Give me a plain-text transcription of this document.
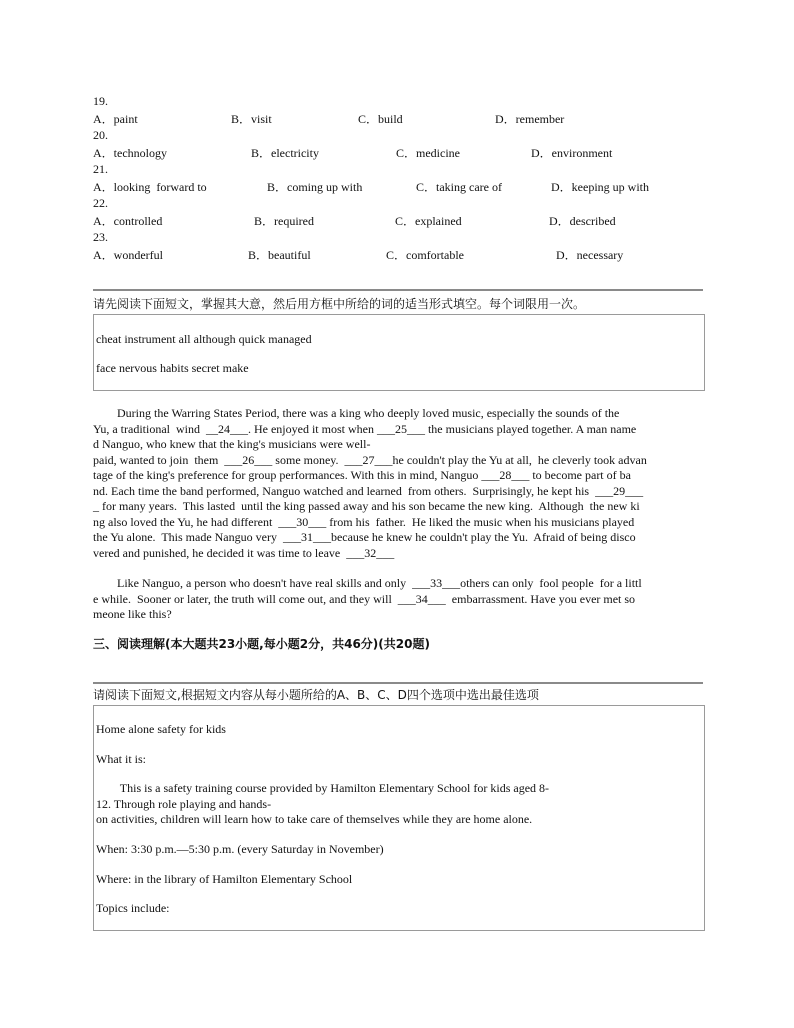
19.
A．paint	B．visit	C．build	D．remember
20.
A．technology	B．electricity	C．medicine	D．environment
21.
A．looking  forward to	B．coming up with	C．taking care of	D．keeping up with
22.
A．controlled	B．required	C．explained	D．described
23.
A．wonderful	B．beautiful	C．comfortable	D．necessary
请先阅读下面短文，掌握其大意，然后用方框中所给的词的适当形式填空。每个词限用一次。
cheat instrument all although quick managed
face nervous habits secret make
During the Warring States Period, there was a king who deeply loved music, especially the sounds of the
Yu, a traditional  wind  __24___. He enjoyed it most when ___25___ the musicians played together. A man name
d Nanguo, who knew that the king's musicians were well-
paid, wanted to join  them  ___26___ some money.  ___27___he couldn't play the Yu at all,  he cleverly took advan
tage of the king's preference for group performances. With this in mind, Nanguo ___28___ to become part of ba
nd. Each time the band performed, Nanguo watched and learned  from others.  Surprisingly, he kept his  ___29___
_ for many years.  This lasted  until the king passed away and his son became the new king.  Although  the new ki
ng also loved the Yu, he had different  ___30___ from his  father.  He liked the music when his musicians played
the Yu alone.  This made Nanguo very  ___31___because he knew he couldn't play the Yu.  Afraid of being disco
vered and punished, he decided it was time to leave  ___32___
Like Nanguo, a person who doesn't have real skills and only  ___33___others can only  fool people  for a littl
e while.  Sooner or later, the truth will come out, and they will  ___34___  embarrassment. Have you ever met so
meone like this?
三、阅读理解(本大题共23小题,每小题2分，共46分)(共20题)
请阅读下面短文,根据短文内容从每小题所给的A、B、C、D四个选项中选出最佳选项
Home alone safety for kids
What it is:
This is a safety training course provided by Hamilton Elementary School for kids aged 8-
12. Through role playing and hands-
on activities, children will learn how to take care of themselves while they are home alone.
When: 3:30 p.m.—5:30 p.m. (every Saturday in November)
Where: in the library of Hamilton Elementary School
Topics include:
